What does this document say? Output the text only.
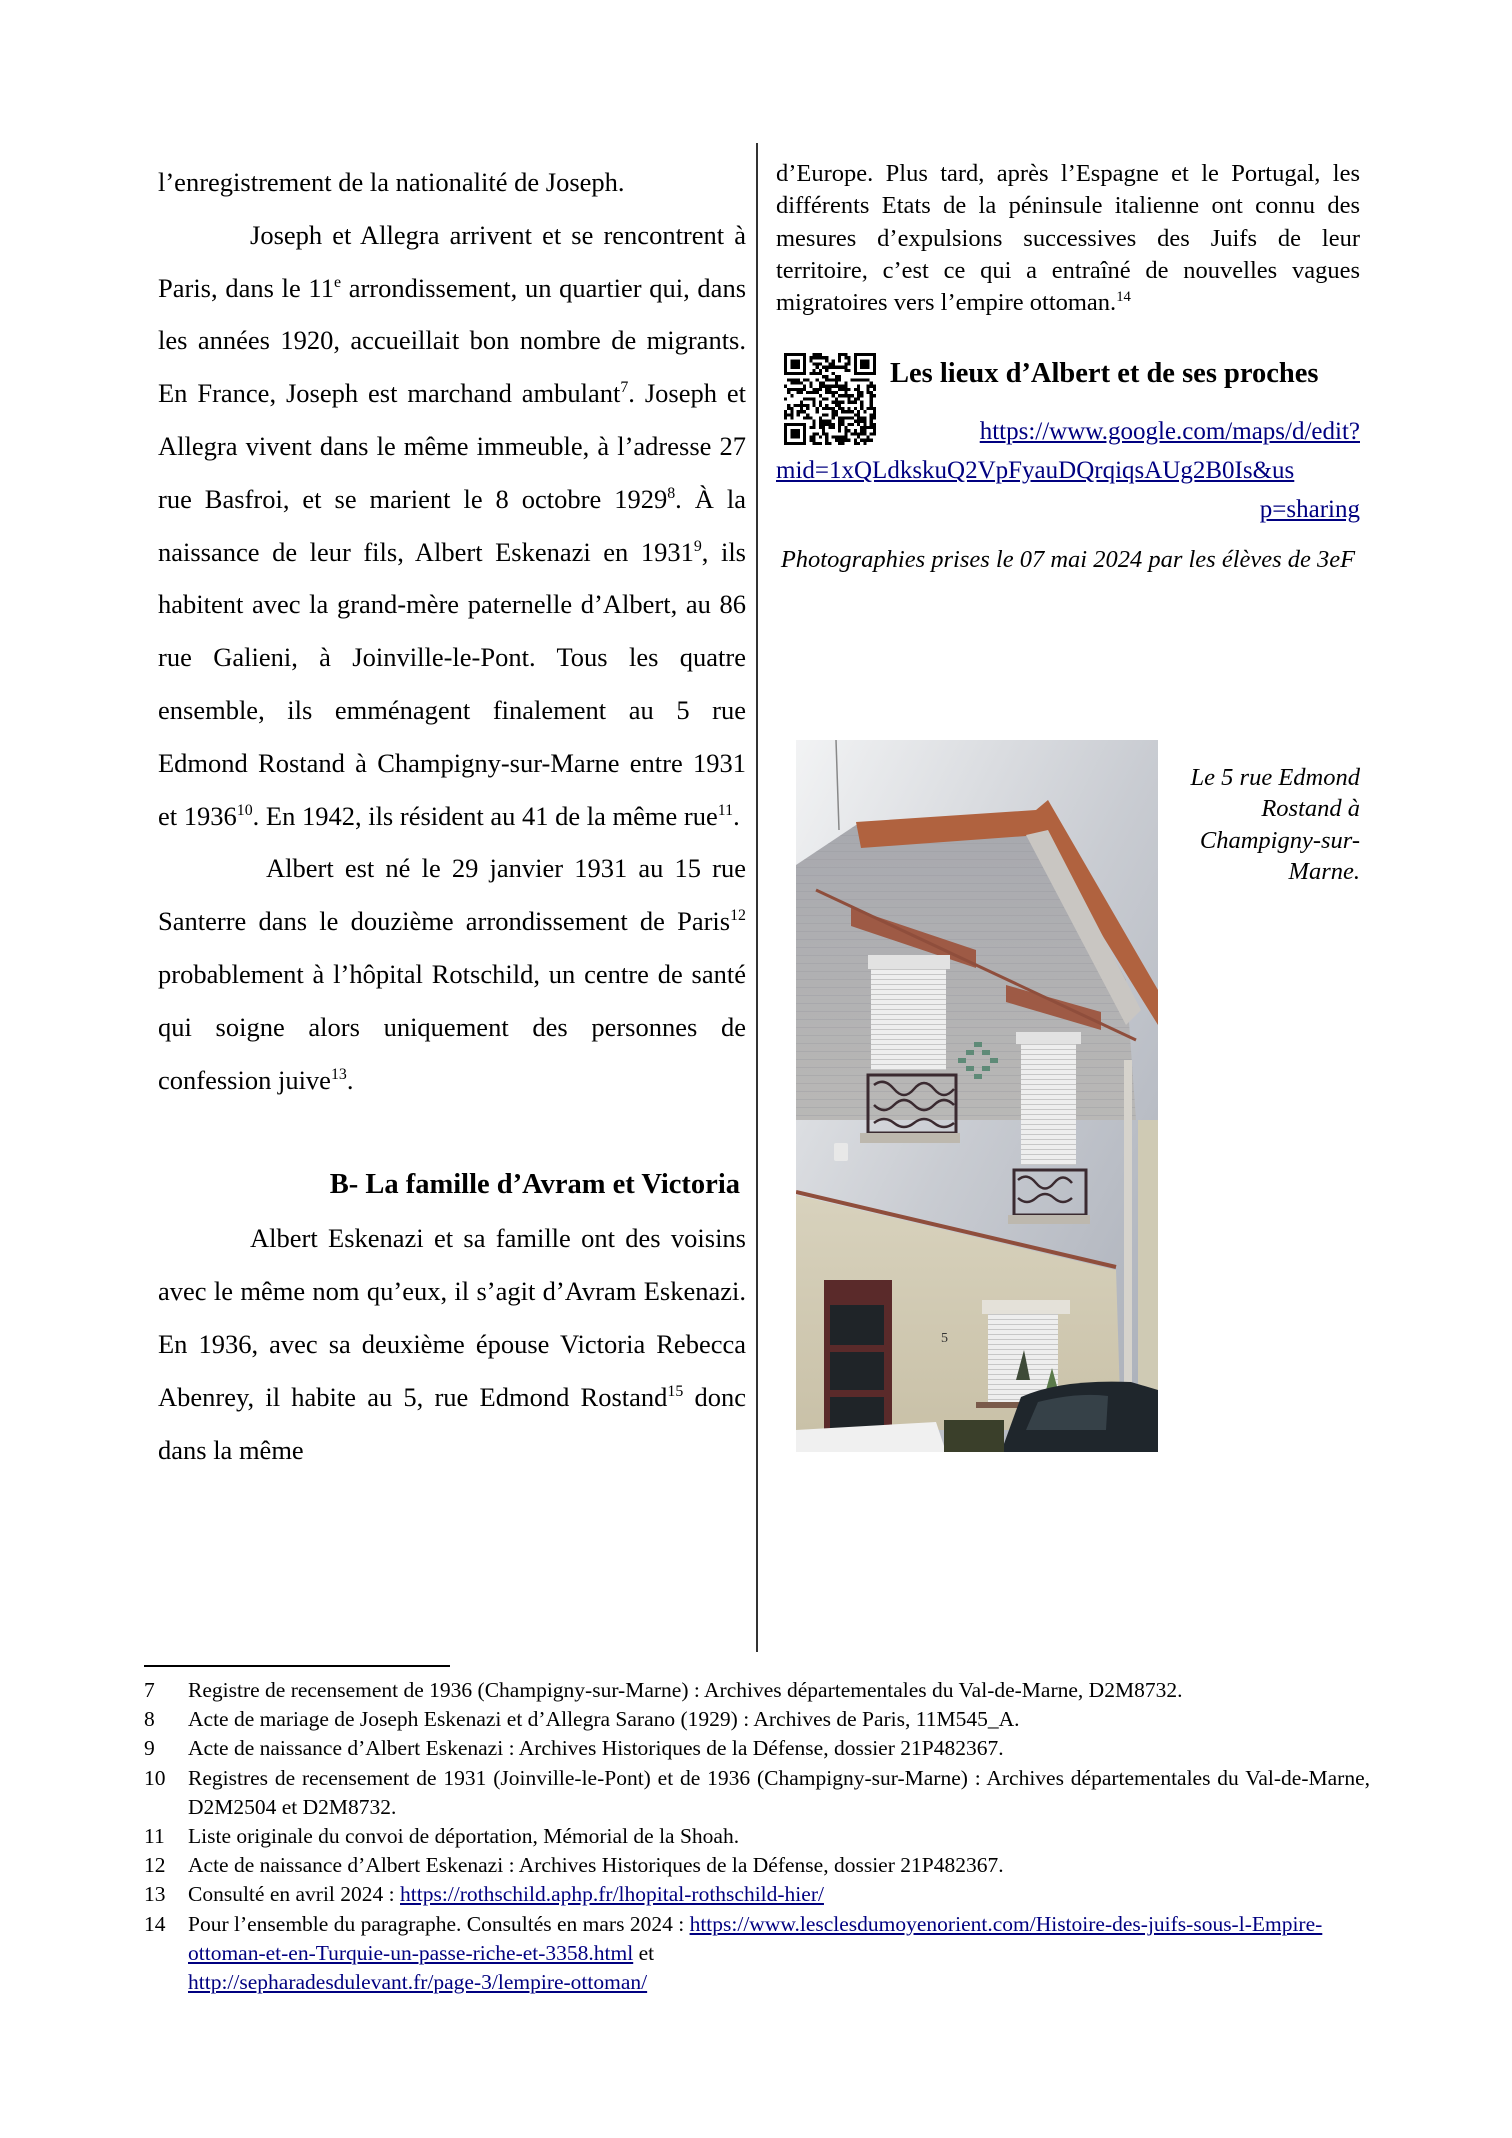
l’enregistrement de la nationalité de Joseph.

Joseph et Allegra arrivent et se rencontrent à Paris, dans le 11e arrondissement, un quartier qui, dans les années 1920, accueillait bon nombre de migrants. En France, Joseph est marchand ambulant$^7$. Joseph et Allegra vivent dans le même immeuble, à l’adresse 27 rue Basfroi, et se marient le 8 octobre 1929$^8$. À la naissance de leur fils, Albert Eskenazi en 1931$^9$, ils habitent avec la grand-mère paternelle d’Albert, au 86 rue Galieni, à Joinville-le-Pont. Tous les quatre ensemble, ils emménagent finalement au 5 rue Edmond Rostand à Champigny-sur-Marne entre 1931 et 1936$^{10}$. En 1942, ils résident au 41 de la même rue$^{11}$.

Albert est né le 29 janvier 1931 au 15 rue Santerre dans le douzième arrondissement de Paris$^{12}$ probablement à l’hôpital Rotschild, un centre de santé qui soigne alors uniquement des personnes de confession juive$^{13}$.

B- La famille d’Avram et Victoria

Albert Eskenazi et sa famille ont des voisins avec le même nom qu’eux, il s’agit d’Avram Eskenazi. En 1936, avec sa deuxième épouse Victoria Rebecca Abenrey, il habite au 5, rue Edmond Rostand$^{15}$ donc dans la même

d’Europe. Plus tard, après l’Espagne et le Portugal, les différents Etats de la péninsule italienne ont connu des mesures d’expulsions successives des Juifs de leur territoire, c’est ce qui a entraîné de nouvelles vagues migratoires vers l’empire ottoman.$^{14}$

Les lieux d’Albert et de ses proches
https://www.google.com/maps/d/edit?
mid=1xQLdkskuQ2VpFyauDQrqiqsAUg2B0Is&us
p=sharing

Photographies prises le 07 mai 2024 par les élèves de 3eF

5

Le 5 rue Edmond Rostand à Champigny-sur-Marne.

7	Registre de recensement de 1936 (Champigny-sur-Marne) : Archives départementales du Val-de-Marne, D2M8732.
8	Acte de mariage de Joseph Eskenazi et d’Allegra Sarano (1929) : Archives de Paris, 11M545_A.
9	Acte de naissance d’Albert Eskenazi : Archives Historiques de la Défense, dossier 21P482367.
10	Registres de recensement de 1931 (Joinville-le-Pont) et de 1936 (Champigny-sur-Marne) : Archives départementales du Val-de-Marne, D2M2504 et D2M8732.
11	Liste originale du convoi de déportation, Mémorial de la Shoah.
12	Acte de naissance d’Albert Eskenazi : Archives Historiques de la Défense, dossier 21P482367.
13	Consulté en avril 2024 : https://rothschild.aphp.fr/lhopital-rothschild-hier/
14	Pour l’ensemble du paragraphe. Consultés en mars 2024 : https://www.lesclesdumoyenorient.com/Histoire-des-juifs-sous-l-Empire-ottoman-et-en-Turquie-un-passe-riche-et-3358.html et
http://sepharadesdulevant.fr/page-3/lempire-ottoman/
